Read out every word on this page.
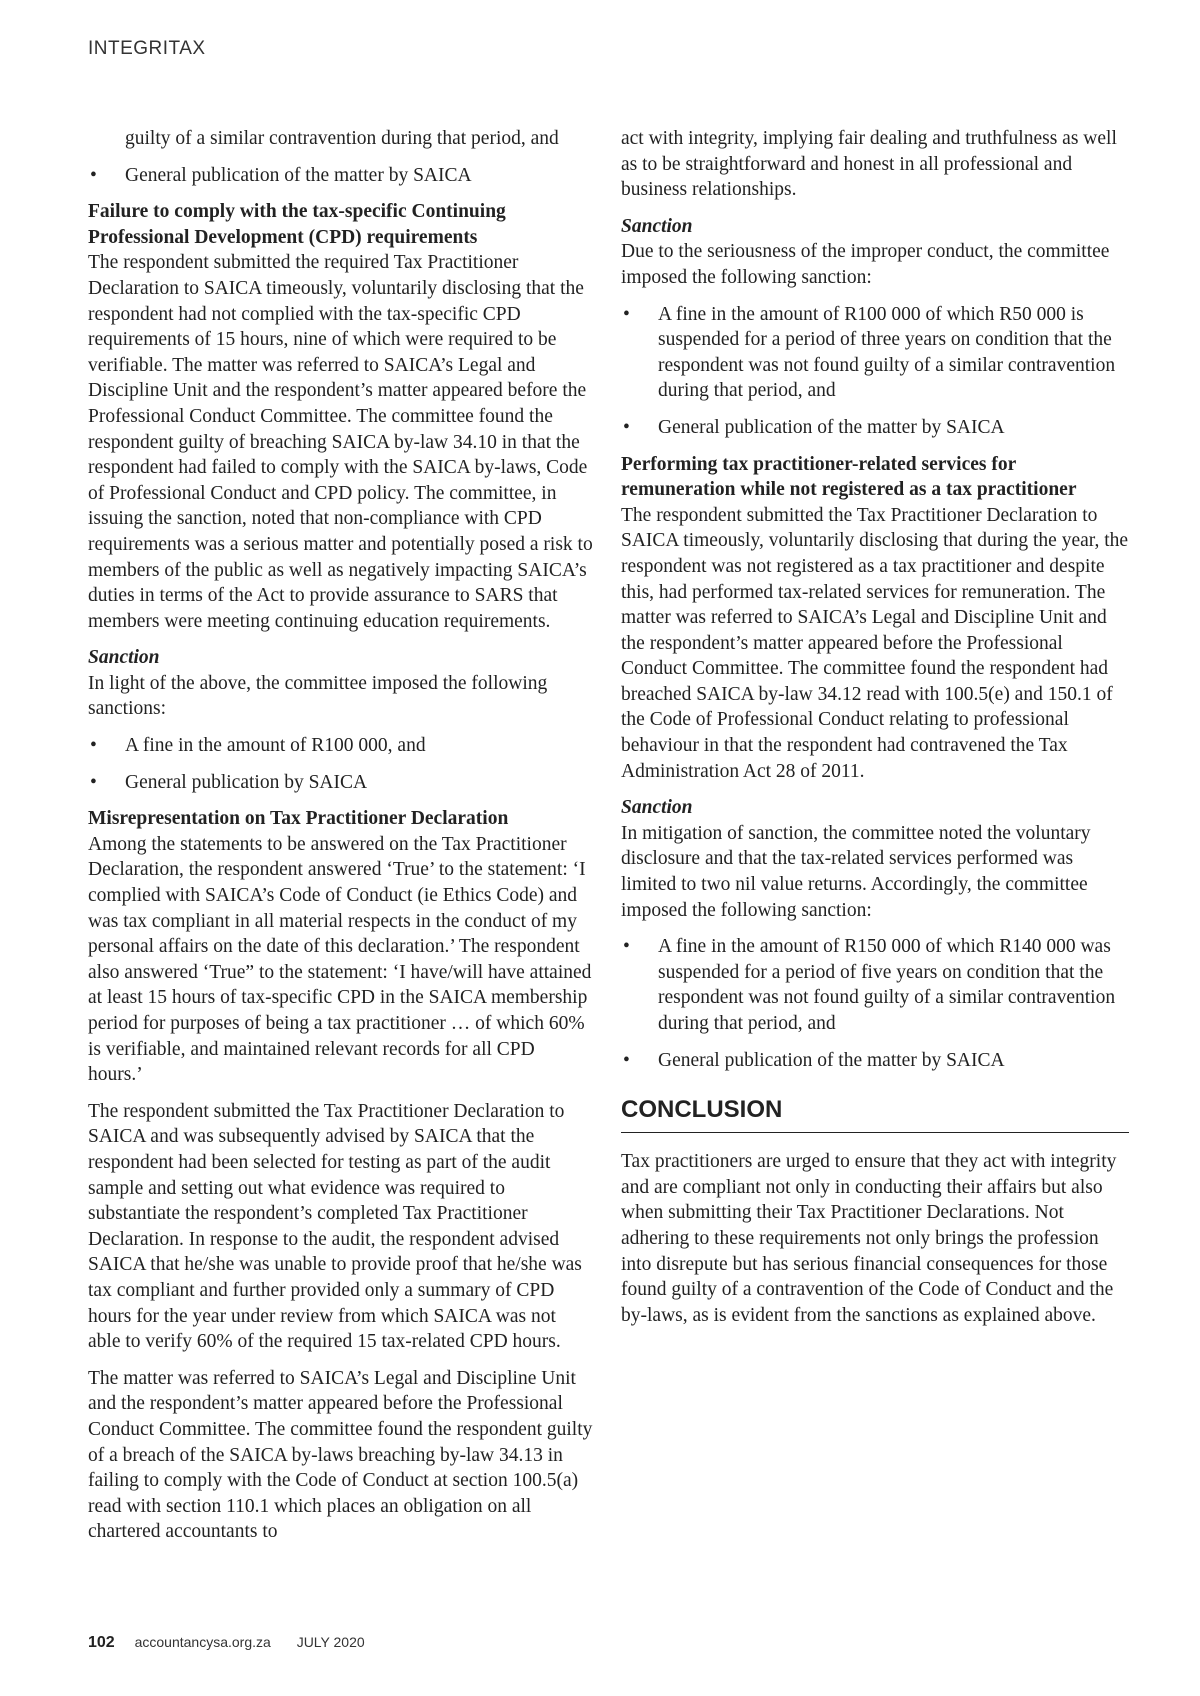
INTEGRITAX
guilty of a similar contravention during that period, and
• General publication of the matter by SAICA
Failure to comply with the tax-specific Continuing Professional Development (CPD) requirements

The respondent submitted the required Tax Practitioner Declaration to SAICA timeously, voluntarily disclosing that the respondent had not complied with the tax-specific CPD requirements of 15 hours, nine of which were required to be verifiable. The matter was referred to SAICA’s Legal and Discipline Unit and the respondent’s matter appeared before the Professional Conduct Committee. The committee found the respondent guilty of breaching SAICA by-law 34.10 in that the respondent had failed to comply with the SAICA by-laws, Code of Professional Conduct and CPD policy. The committee, in issuing the sanction, noted that non-compliance with CPD requirements was a serious matter and potentially posed a risk to members of the public as well as negatively impacting SAICA’s duties in terms of the Act to provide assurance to SARS that members were meeting continuing education requirements.

Sanction

In light of the above, the committee imposed the following sanctions:

• A fine in the amount of R100 000, and
• General publication by SAICA
Misrepresentation on Tax Practitioner Declaration

Among the statements to be answered on the Tax Practitioner Declaration, the respondent answered ‘True’ to the statement: ‘I complied with SAICA’s Code of Conduct (ie Ethics Code) and was tax compliant in all material respects in the conduct of my personal affairs on the date of this declaration.’ The respondent also answered ‘True” to the statement: ‘I have/will have attained at least 15 hours of tax-specific CPD in the SAICA membership period for purposes of being a tax practitioner … of which 60% is verifiable, and maintained relevant records for all CPD hours.’

The respondent submitted the Tax Practitioner Declaration to SAICA and was subsequently advised by SAICA that the respondent had been selected for testing as part of the audit sample and setting out what evidence was required to substantiate the respondent’s completed Tax Practitioner Declaration. In response to the audit, the respondent advised SAICA that he/she was unable to provide proof that he/she was tax compliant and further provided only a summary of CPD hours for the year under review from which SAICA was not able to verify 60% of the required 15 tax-related CPD hours.

The matter was referred to SAICA’s Legal and Discipline Unit and the respondent’s matter appeared before the Professional Conduct Committee. The committee found the respondent guilty of a breach of the SAICA by-laws breaching by-law 34.13 in failing to comply with the Code of Conduct at section 100.5(a) read with section 110.1 which places an obligation on all chartered accountants to

act with integrity, implying fair dealing and truthfulness as well as to be straightforward and honest in all professional and business relationships.

Sanction

Due to the seriousness of the improper conduct, the committee imposed the following sanction:

• A fine in the amount of R100 000 of which R50 000 is suspended for a period of three years on condition that the respondent was not found guilty of a similar contravention during that period, and
• General publication of the matter by SAICA
Performing tax practitioner-related services for remuneration while not registered as a tax practitioner

The respondent submitted the Tax Practitioner Declaration to SAICA timeously, voluntarily disclosing that during the year, the respondent was not registered as a tax practitioner and despite this, had performed tax-related services for remuneration. The matter was referred to SAICA’s Legal and Discipline Unit and the respondent’s matter appeared before the Professional Conduct Committee. The committee found the respondent had breached SAICA by-law 34.12 read with 100.5(e) and 150.1 of the Code of Professional Conduct relating to professional behaviour in that the respondent had contravened the Tax Administration Act 28 of 2011.

Sanction

In mitigation of sanction, the committee noted the voluntary disclosure and that the tax-related services performed was limited to two nil value returns. Accordingly, the committee imposed the following sanction:

• A fine in the amount of R150 000 of which R140 000 was suspended for a period of five years on condition that the respondent was not found guilty of a similar contravention during that period, and
• General publication of the matter by SAICA
CONCLUSION

Tax practitioners are urged to ensure that they act with integrity and are compliant not only in conducting their affairs but also when submitting their Tax Practitioner Declarations. Not adhering to these requirements not only brings the profession into disrepute but has serious financial consequences for those found guilty of a contravention of the Code of Conduct and the by-laws, as is evident from the sanctions as explained above.

102 accountancysa.org.za JULY 2020
